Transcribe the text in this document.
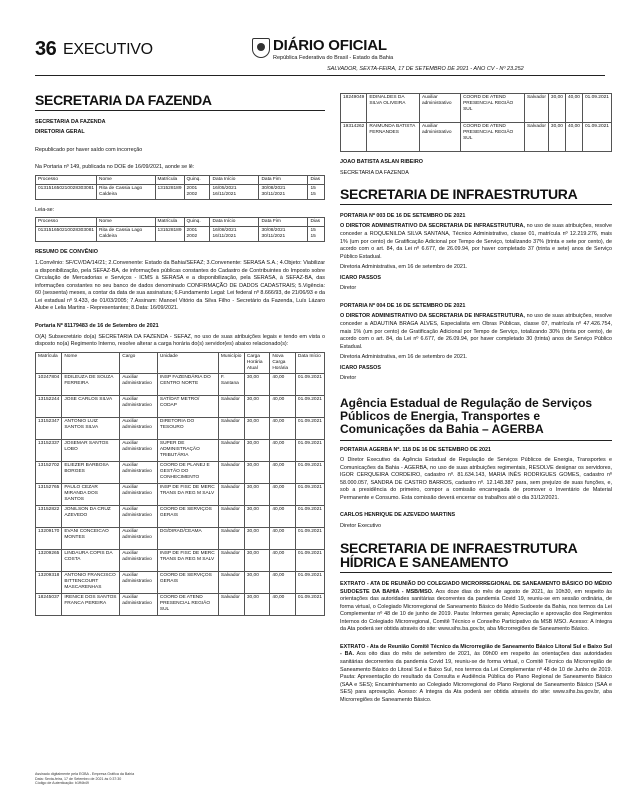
36 EXECUTIVO	DIÁRIO OFICIAL
República Federativa do Brasil - Estado da Bahia
SALVADOR, SEXTA-FEIRA, 17 DE SETEMBRO DE 2021 - ANO CV - Nº 23.252
SECRETARIA DA FAZENDA

SECRETARIA DA FAZENDA

DIRETORIA GERAL

Republicado por haver saído com incorreção

Na Portaria nº 149, publicada no DOE de 16/09/2021, aonde se lê:

Processo	Nome	Matrícula	Quinq.	Data Início	Data Fim	Dias
013151650210028303081	Rita de Cassia Lago Caldeira	131528189	2001 2002	16/05/2021 16/11/2021	30/08/2021 30/11/2021	15 15

Leia-se:

Processo	Nome	Matrícula	Quinq.	Data Início	Data Fim	Dias
013151650210028303081	Rita de Cassia Lago Caldeira	131528189	2001 2002	16/08/2021 16/11/2021	30/08/2021 30/11/2021	15 15

RESUMO DE CONVÊNIO

1.Convênio: SF/CV/DA/14/21; 2.Convenente: Estado da Bahia/SEFAZ; 3.Convenente: SERASA S.A.; 4.Objeto: Viabilizar a disponibilização, pela SEFAZ-BA, de informações públicas constantes do Cadastro de Contribuintes do Imposto sobre Circulação de Mercadorias e Serviços - ICMS à SERASA e a disponibilização, pela SERASA, à SEFAZ-BA, das informações constantes no seu banco de dados denominado CONFIRMAÇÃO DE DADOS CADASTRAIS; 5.Vigência: 60 (sessenta) meses, a contar da data de sua assinatura; 6.Fundamento Legal: Lei federal nº 8.666/93, de 21/06/93 e da Lei estadual nº 9.433, de 01/03/2005; 7.Assinam: Manoel Vitório da Silva Filho - Secretário da Fazenda, Luís Lázaro Alube e Lelia Martins - Representantes; 8.Data: 16/09/2021.

Portaria Nº 81179483 de 16 de Setembro de 2021

O(A) Subsecretário do(a) SECRETARIA DA FAZENDA - SEFAZ, no uso de suas atribuições legais e tendo em vista o disposto no(a) Regimento Interno, resolve alterar a carga horária do(s) servidor(es) abaixo relacionado(s):

Matrícula	Nome	Cargo	Unidade	Município	Carga Horária Atual	Nova Carga Horária	Data Início
10247804	EDILEUZA DE SOUZA FERREIRA	Auxiliar administrativo	INSP FAZENDÁRIA DO CENTRO NORTE	F. Santana	30,00	40,00	01.09.2021
13152244	JOSE CARLOS SILVA	Auxiliar administrativo	SAT/DAT METRO/ CODAP	Salvador	30,00	40,00	01.09.2021
13152347	ANTONIO LUIZ SANTOS SILVA	Auxiliar administrativo	DIRETORIA DO TESOURO	Salvador	30,00	40,00	01.09.2021
13152337	JOSEMAR SANTOS LOBO	Auxiliar administrativo	SUPER DE ADMINISTRAÇÃO TRIBUTÁRIA	Salvador	30,00	40,00	01.09.2021
13152702	ELIEZER BARBOSA BORGES	Auxiliar administrativo	COORD DE PLANEJ E GESTÃO DO CONHECIMENTO	Salvador	30,00	40,00	01.09.2021
13152765	PAULO CEZAR MIRANDA DOS SANTOS	Auxiliar administrativo	INSP DE FISC DE MERC TRANS DA REG M SALV	Salvador	30,00	40,00	01.09.2021
13152822	JONILSON DA CRUZ AZEVEDO	Auxiliar administrativo	COORD DE SERVIÇOS GERAIS	Salvador	30,00	40,00	01.09.2021
13209170	EVANI CONCEICAO MONTES	Auxiliar administrativo	DG/DIRAD/CEAMA	Salvador	30,00	40,00	01.09.2021
13209265	LINDAURA COPIS DA COSTA	Auxiliar administrativo	INSP DE FISC DE MERC TRANS DA REG M SALV	Salvador	30,00	40,00	01.09.2021
13209318	ANTONIO FRANCISCO BITTENCOURT MASCARENHAS	Auxiliar administrativo	COORD DE SERVIÇOS GERAIS	Salvador	30,00	40,00	01.09.2021
18245037	IRENICE DOS SANTOS FRANCA PEREIRA	Auxiliar administrativo	COORD DE ATEND PRESENCIAL REGIÃO SUL	Salvador	30,00	40,00	01.09.2021
18249049	EDINALDES DA SILVA OLIVEIRA	Auxiliar administrativo	COORD DE ATEND PRESENCIAL REGIÃO SUL	Salvador	30,00	40,00	01.09.2021
19314262	RAIMUNDA BATISTA FERNANDES	Auxiliar administrativo	COORD DE ATEND PRESENCIAL REGIÃO SUL	Salvador	30,00	40,00	01.09.2021

JOAO BATISTA ASLAN RIBEIRO

SECRETARIA DA FAZENDA

SECRETARIA DE INFRAESTRUTURA

PORTARIA Nº 003 DE 16 DE SETEMBRO DE 2021

O DIRETOR ADMINISTRATIVO DA SECRETARIA DE INFRAESTRUTURA, no uso de suas atribuições, resolve conceder a ROQUENILDA SILVA SANTANA, Técnico Administrativo, classe 01, matrícula nº 12.219.276, mais 1% (um por cento) de Gratificação Adicional por Tempo de Serviço, totalizando 37% (trinta e sete por cento), de acordo com o art. 84, da Lei nº 6.677, de 26.09.94, por haver completado 37 (trinta e sete) anos de Serviço Público Estadual.

Diretoria Administrativa, em 16 de setembro de 2021.

ICARO PASSOS

Diretor

PORTARIA Nº 004 DE 16 DE SETEMBRO DE 2021

O DIRETOR ADMINISTRATIVO DA SECRETARIA DE INFRAESTRUTURA, no uso de suas atribuições, resolve conceder a ADAUTINA BRAGA ALVES, Especialista em Obras Públicas, classe 07, matrícula nº 47.426.754, mais 1% (um por cento) de Gratificação Adicional por Tempo de Serviço, totalizando 30% (trinta por cento), de acordo com o art. 84, da Lei nº 6.677, de 26.09.94, por haver completado 30 (trinta) anos de Serviço Público Estadual.

Diretoria Administrativa, em 16 de setembro de 2021.

ICARO PASSOS

Diretor

Agência Estadual de Regulação de Serviços Públicos de Energia, Transportes e Comunicações da Bahia – AGERBA

PORTARIA AGERBA Nº. 118 DE 16 DE SETEMBRO DE 2021

O Diretor Executivo da Agência Estadual de Regulação de Serviços Públicos de Energia, Transportes e Comunicações da Bahia - AGERBA, no uso de suas atribuições regimentais, RESOLVE designar os servidores, IGOR CERQUEIRA CORDEIRO, cadastro nº. 81.634.143, MARIA INÊS RODRIGUES GOMES, cadastro nº 58.000.057, SANDRA DE CASTRO BARROS, cadastro nº. 12.148.387 para, sem prejuízo de suas funções, e, sob a presidência do primeiro, compor a comissão encarregada de promover o Inventário de Material Permanente e Consumo. Esta comissão deverá encerrar os trabalhos até o dia 31/12/2021.

CARLOS HENRIQUE DE AZEVEDO MARTINS

Diretor Executivo

SECRETARIA DE INFRAESTRUTURA HÍDRICA E SANEAMENTO

EXTRATO - ATA DE REUNIÃO DO COLEGIADO MICRORREGIONAL DE SANEAMENTO BÁSICO DO MÉDIO SUDOESTE DA BAHIA - MSB/MSO. Aos doze dias do mês de agosto de 2021, às 10h30, em respeito às orientações das autoridades sanitárias decorrentes da pandemia Covid 19, reuniu-se em sessão ordinária, de forma virtual, o Colegiado Microrregional de Saneamento Básico do Médio Sudoeste da Bahia, nos termos da Lei Complementar nº 48 de 10 de junho de 2019. Pauta: Informes gerais; Apreciação e aprovação dos Regimentos Internos do Colegiado Microrregional, Comitê Técnico e Conselho Participativo da MSB MSO. Acesso: A íntegra da Ata poderá ser obtida através do site: www.sihs.ba.gov.br, aba Microrregiões de Saneamento Básico.

EXTRATO - Ata de Reunião Comitê Técnico da Microrregião de Saneamento Básico Litoral Sul e Baixo Sul - BA. Aos oito dias do mês de setembro de 2021, às 09h00 em respeito às orientações das autoridades sanitárias decorrentes da pandemia Covid 19, reuniu-se de forma virtual, o Comitê Técnico da Microrregião de Saneamento Básico do Litoral Sul e Baixo Sul, nos termos da Lei Complementar nº 48 de 10 de Junho de 2019. Pauta: Apresentação do resultado da Consulta e Audiência Pública do Plano Regional de Saneamento Básico (SAA e SES); Encaminhamento ao Colegiado Microrregional do Plano Regional de Saneamento Básico (SAA e SES) para aprovação. Acesso: A íntegra da Ata poderá ser obtida através do site: www.sihs.ba.gov.br, aba Microrregiões de Saneamento Básico.

Assinado digitalmente pela EGBA - Empresa Gráfica da Bahia
Data: Sexta-feira, 17 de Setembro de 2021 às 0:37:30
Código de Autenticação: b1ff4b49
